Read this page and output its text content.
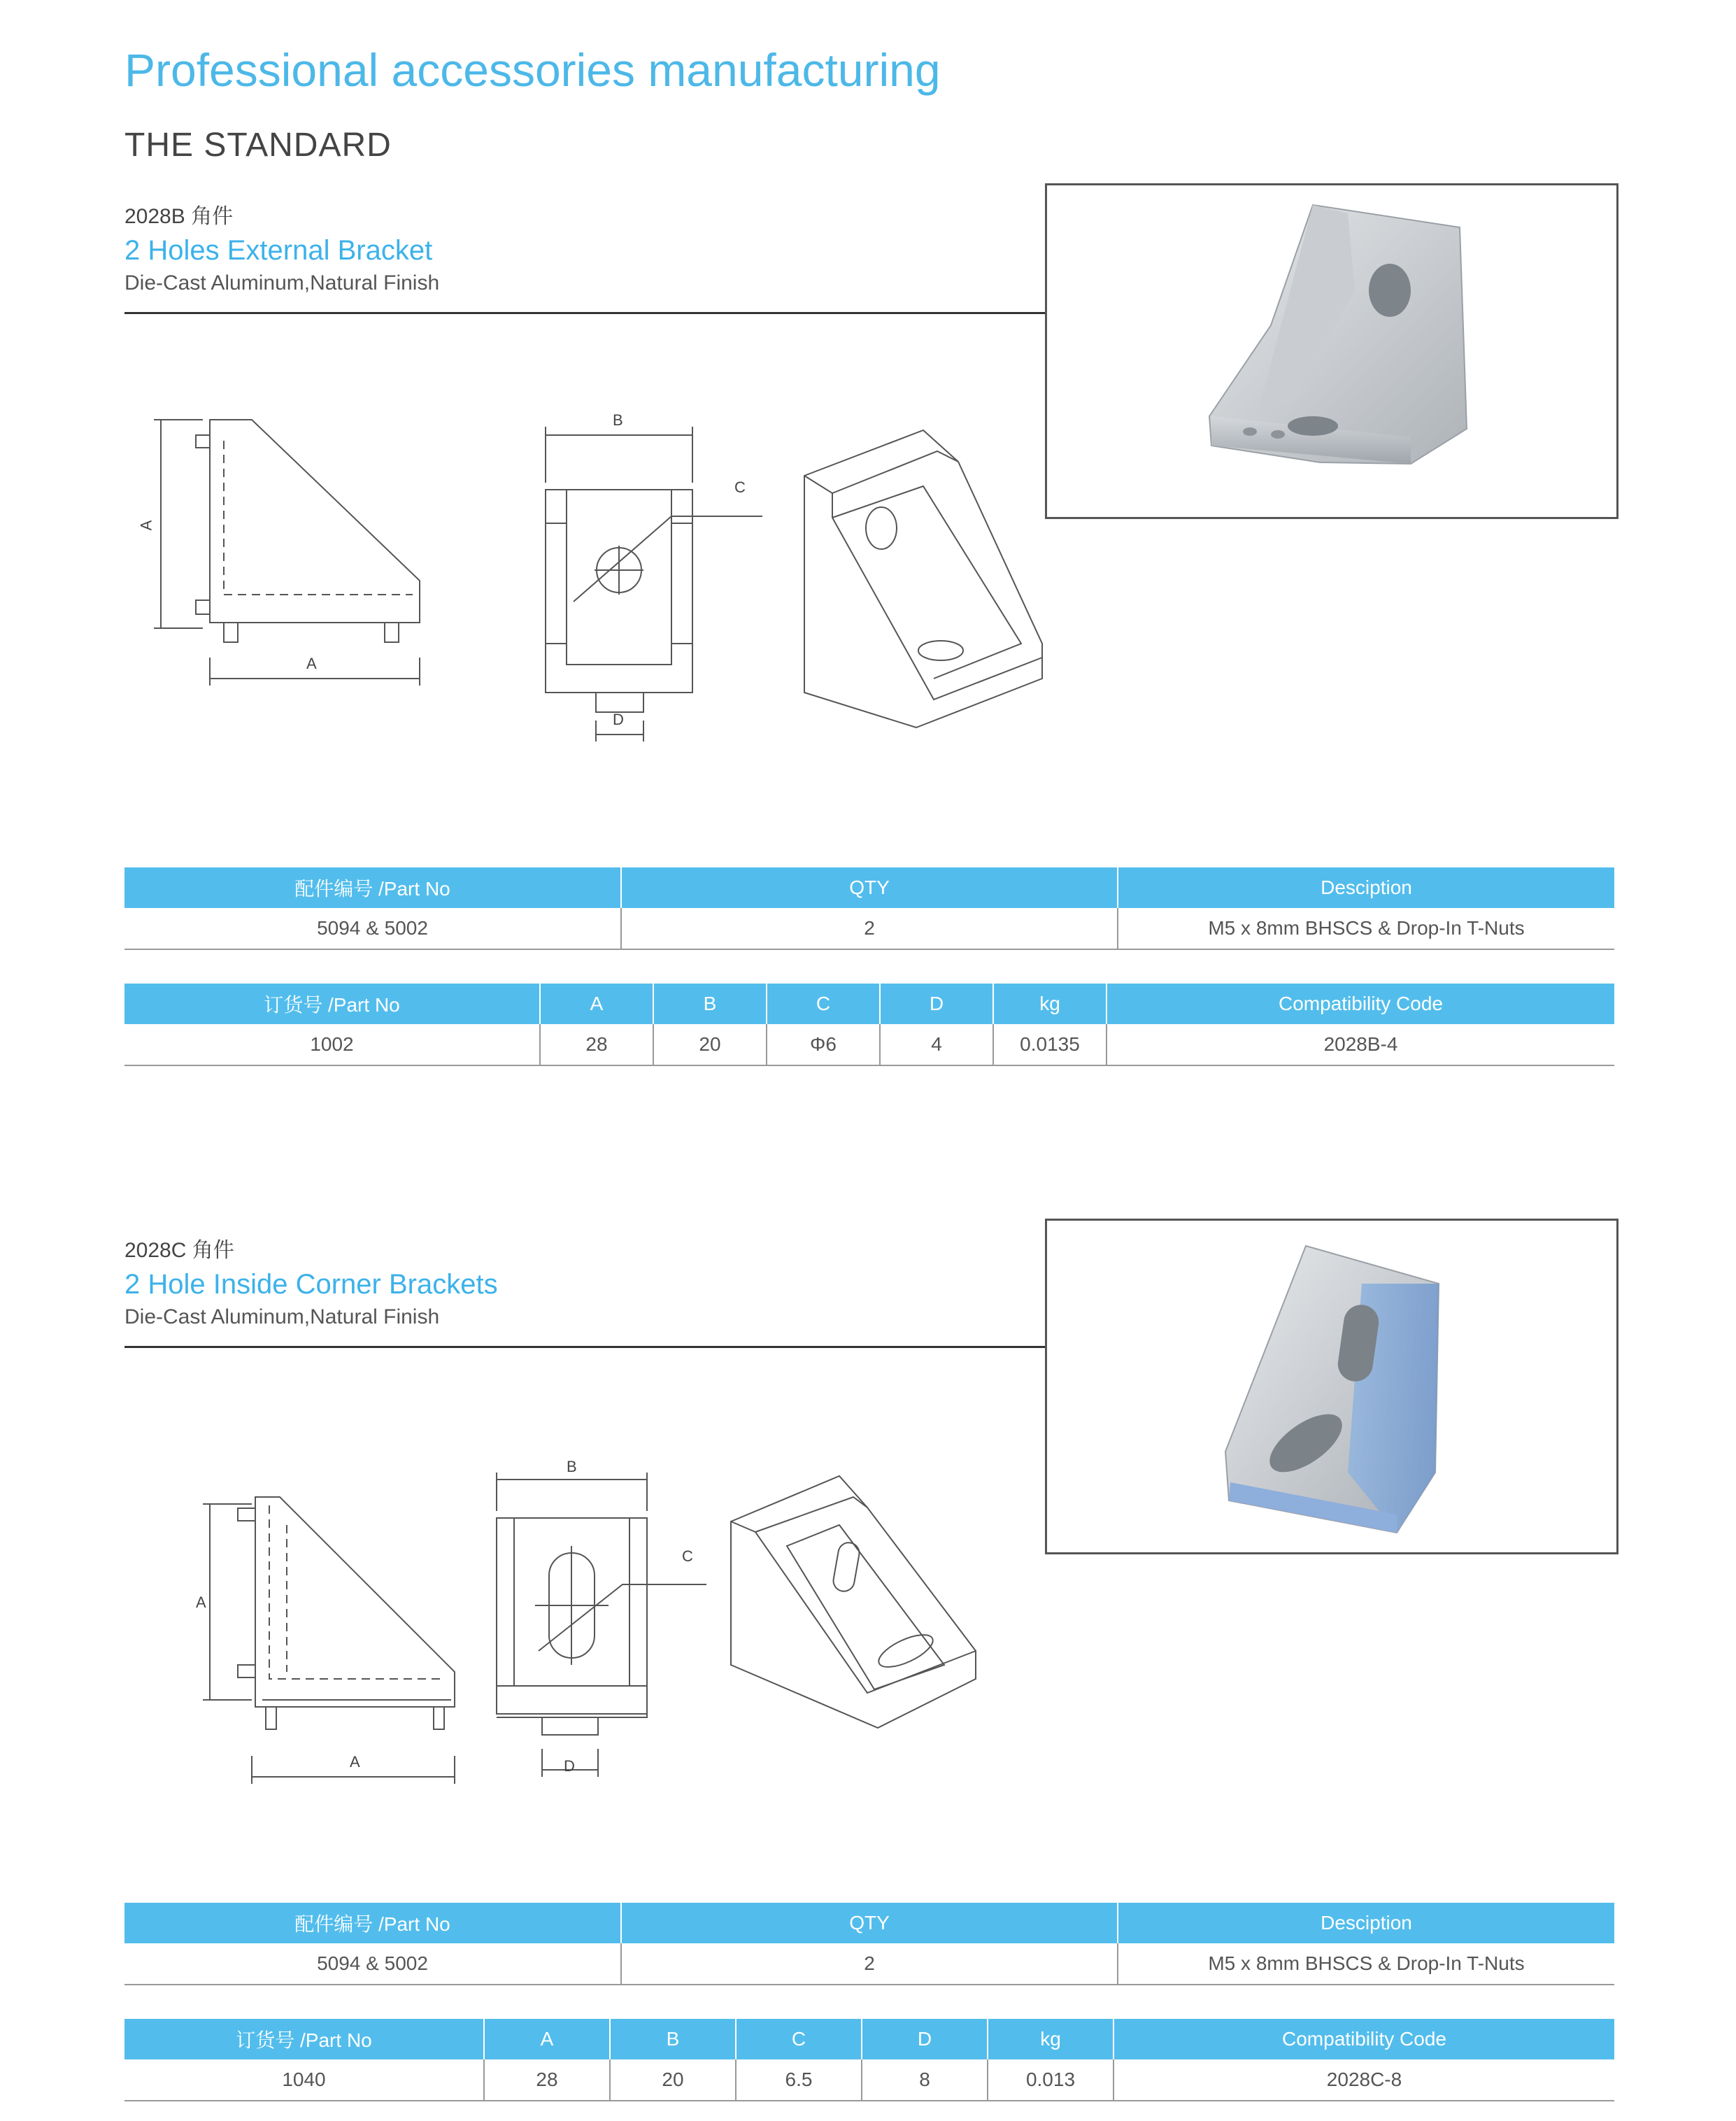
Professional accessories manufacturing
THE STANDARD
2028B 角件
2 Holes External Bracket
Die-Cast Aluminum,Natural Finish
A
A
B
C
D
配件编号 /Part No	QTY	Desciption
5094 & 5002	2	M5 x 8mm BHSCS & Drop-In T-Nuts
订货号 /Part No	A	B	C	D	kg	Compatibility Code
1002	28	20	Φ6	4	0.0135	2028B-4
2028C 角件
2 Hole Inside Corner Brackets
Die-Cast Aluminum,Natural Finish
A
A
B
C
D
配件编号 /Part No	QTY	Desciption
5094 & 5002	2	M5 x 8mm BHSCS & Drop-In T-Nuts
订货号 /Part No	A	B	C	D	kg	Compatibility Code
1040	28	20	6.5	8	0.013	2028C-8
